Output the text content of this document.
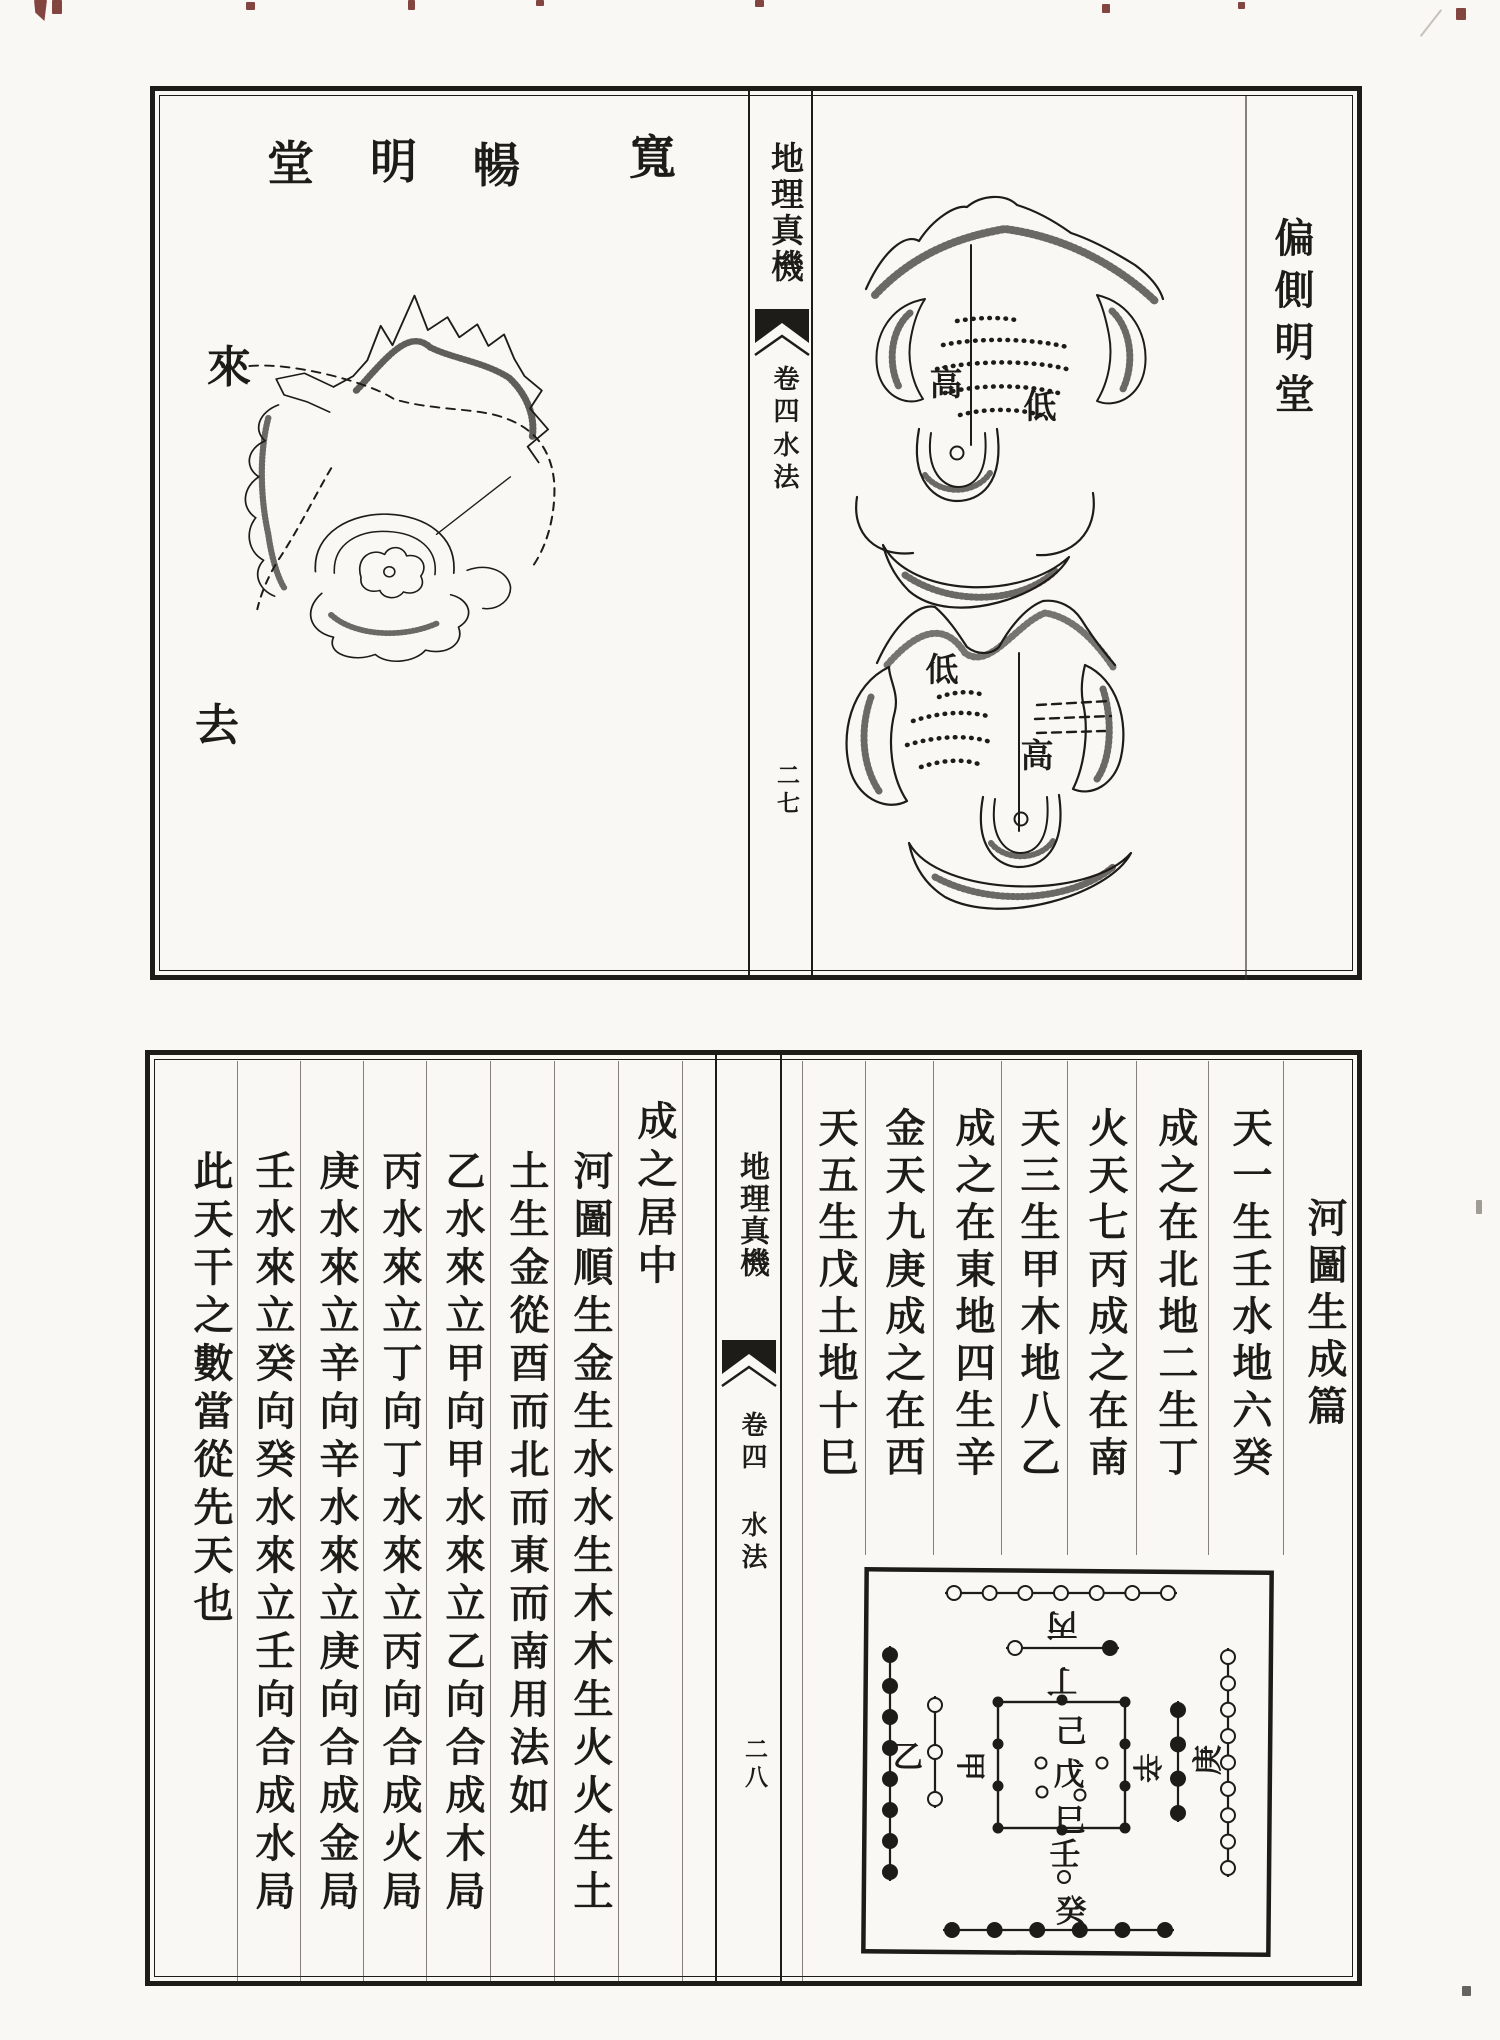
堂 明 暢 寬
來
去
地理真機
卷四
水法
二七
高
低
低
高
偏側明堂
河圖生成篇
天一生壬水地六癸
成之在北地二生丁
火天七丙成之在南
天三生甲木地八乙
成之在東地四生辛
金天九庚成之在西
天五生戊土地十巳
丙
丁
乙 甲	辛 庚
己
戊
巳
壬
癸
地理真機
卷四
水法
二八
成之居中
河圖順生金生水水生木木生火火生土
土生金從酉而北而東而南用法如
乙水來立甲向甲水來立乙向合成木局
丙水來立丁向丁水來立丙向合成火局
庚水來立辛向辛水來立庚向合成金局
壬水來立癸向癸水來立壬向合成水局
此天干之數當從先天也
